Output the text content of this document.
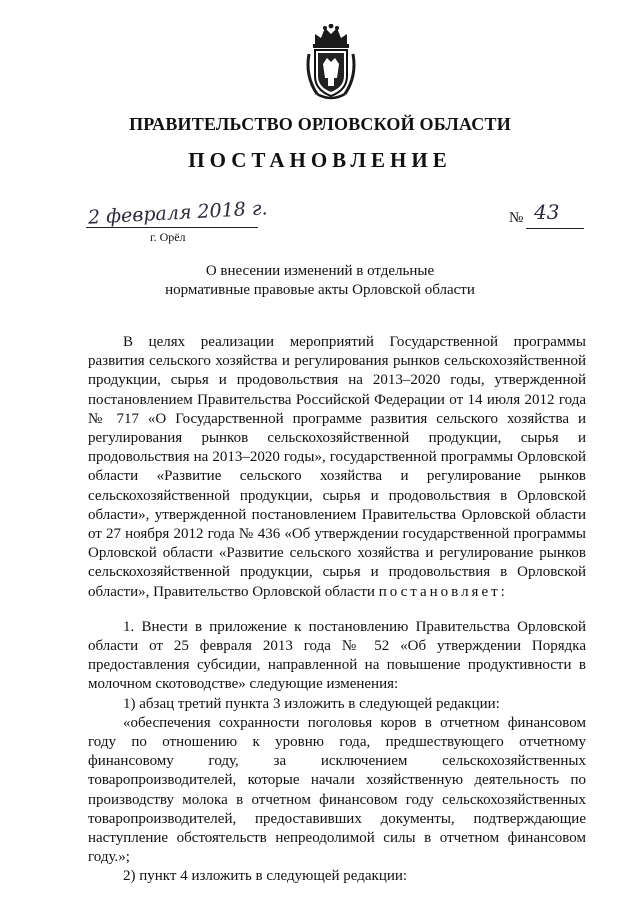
ПРАВИТЕЛЬСТВО ОРЛОВСКОЙ ОБЛАСТИ
ПОСТАНОВЛЕНИЕ
2 февраля 2018 г.
г. Орёл
№ 43
О внесении изменений в отдельные
нормативные правовые акты Орловской области

В целях реализации мероприятий Государственной программы развития сельского хозяйства и регулирования рынков сельскохозяйственной продукции, сырья и продовольствия на 2013–2020 годы, утвержденной постановлением Правительства Российской Федерации от 14 июля 2012 года № 717 «О Государственной программе развития сельского хозяйства и регулирования рынков сельскохозяйственной продукции, сырья и продовольствия на 2013–2020 годы», государственной программы Орловской области «Развитие сельского хозяйства и регулирование рынков сельскохозяйственной продукции, сырья и продовольствия в Орловской области», утвержденной постановлением Правительства Орловской области от 27 ноября 2012 года № 436 «Об утверждении государственной программы Орловской области «Развитие сельского хозяйства и регулирование рынков сельскохозяйственной продукции, сырья и продовольствия в Орловской области», Правительство Орловской области постановляет:

1. Внести в приложение к постановлению Правительства Орловской области от 25 февраля 2013 года № 52 «Об утверждении Порядка предоставления субсидии, направленной на повышение продуктивности в молочном скотоводстве» следующие изменения:

1) абзац третий пункта 3 изложить в следующей редакции:

«обеспечения сохранности поголовья коров в отчетном финансовом году по отношению к уровню года, предшествующего отчетному финансовому году, за исключением сельскохозяйственных товаропроизводителей, которые начали хозяйственную деятельность по производству молока в отчетном финансовом году сельскохозяйственных товаропроизводителей, предоставивших документы, подтверждающие наступление обстоятельств непреодолимой силы в отчетном финансовом году.»;

2) пункт 4 изложить в следующей редакции:
